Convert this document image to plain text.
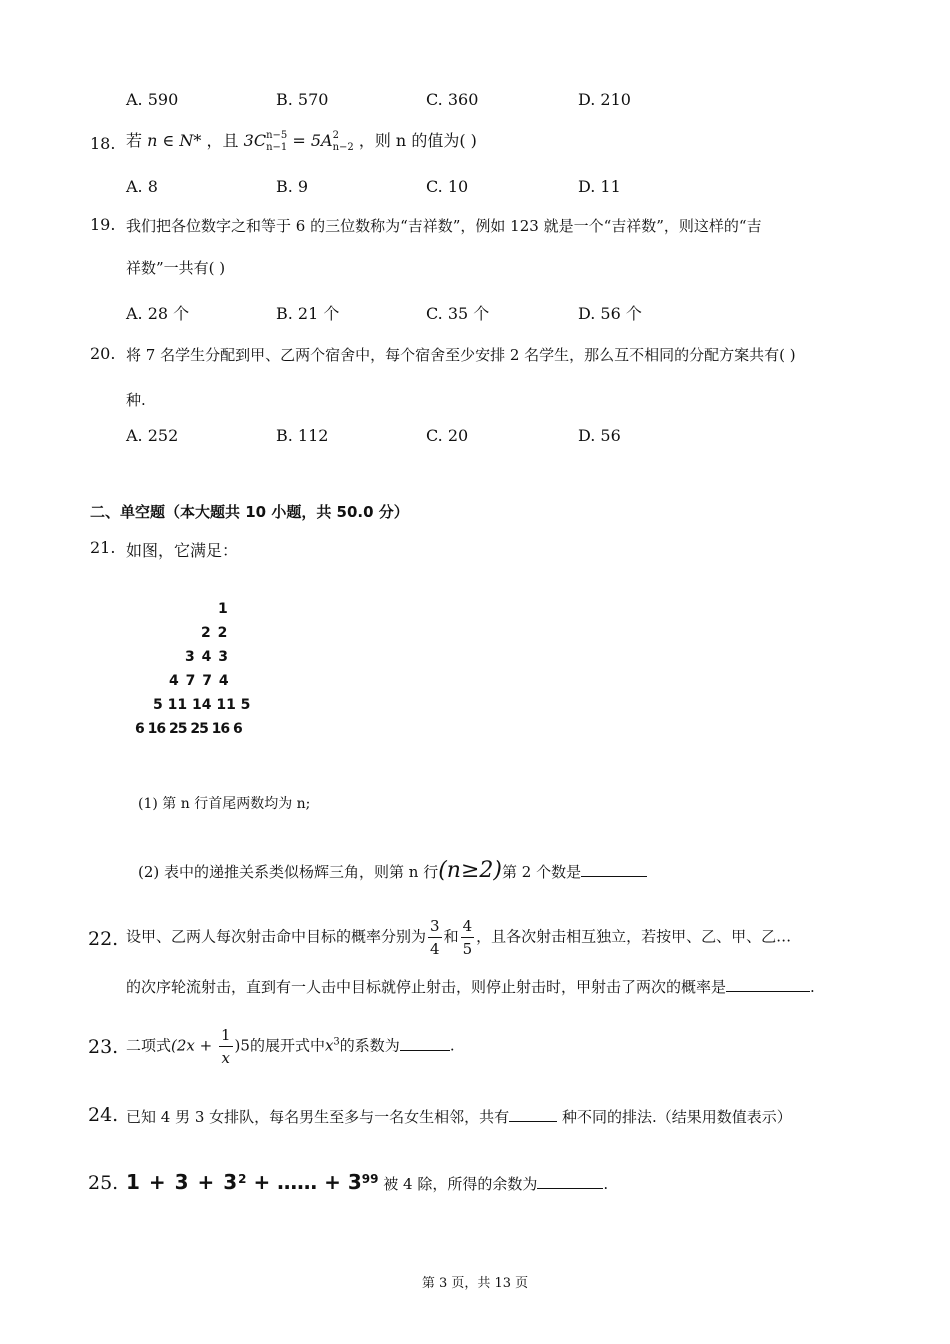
A. 590	B. 570	C. 360	D. 210
18. 若 n ∈ N* ，且 3C n−5
n−1 = 5A 2
n−2 ，则 n 的值为( )
A. 8	B. 9	C. 10	D. 11
19. 我们把各位数字之和等于 6 的三位数称为“吉祥数”，例如 123 就是一个“吉祥数”，则这样的“吉
祥数”一共有( )
A. 28 个	B. 21 个	C. 35 个	D. 56 个
20. 将 7 名学生分配到甲、乙两个宿舍中，每个宿舍至少安排 2 名学生，那么互不相同的分配方案共有( )
种.
A. 252	B. 112	C. 20	D. 56
二、单空题（本大题共 10 小题，共 50.0 分）
21. 如图，它满足：
1
2 2
3 4 3
4 7 7 4
5 11 14 11 5
6 16 25 25 16 6
(1) 第 n 行首尾两数均为 n;
(2) 表中的递推关系类似杨辉三角，则第 n 行(n≥2)第 2 个数是
22. 设甲、乙两人每次射击命中目标的概率分别为 $\frac{3}{4}$ 和 $\frac{4}{5}$ ，且各次射击相互独立，若按甲、乙、甲、乙…
的次序轮流射击，直到有一人击中目标就停止射击，则停止射击时，甲射击了两次的概率是	.
23. 二项式$(2x + \frac{1}{x} )5$的展开式中$x^3$的系数为	.
24. 已知 4 男 3 女排队，每名男生至多与一名女生相邻，共有	种不同的排法.（结果用数值表示）
25. $1 + 3 + 3^2$ + …… + $3^{99}$ 被 4 除，所得的余数为	.
第 3 页，共 13 页
